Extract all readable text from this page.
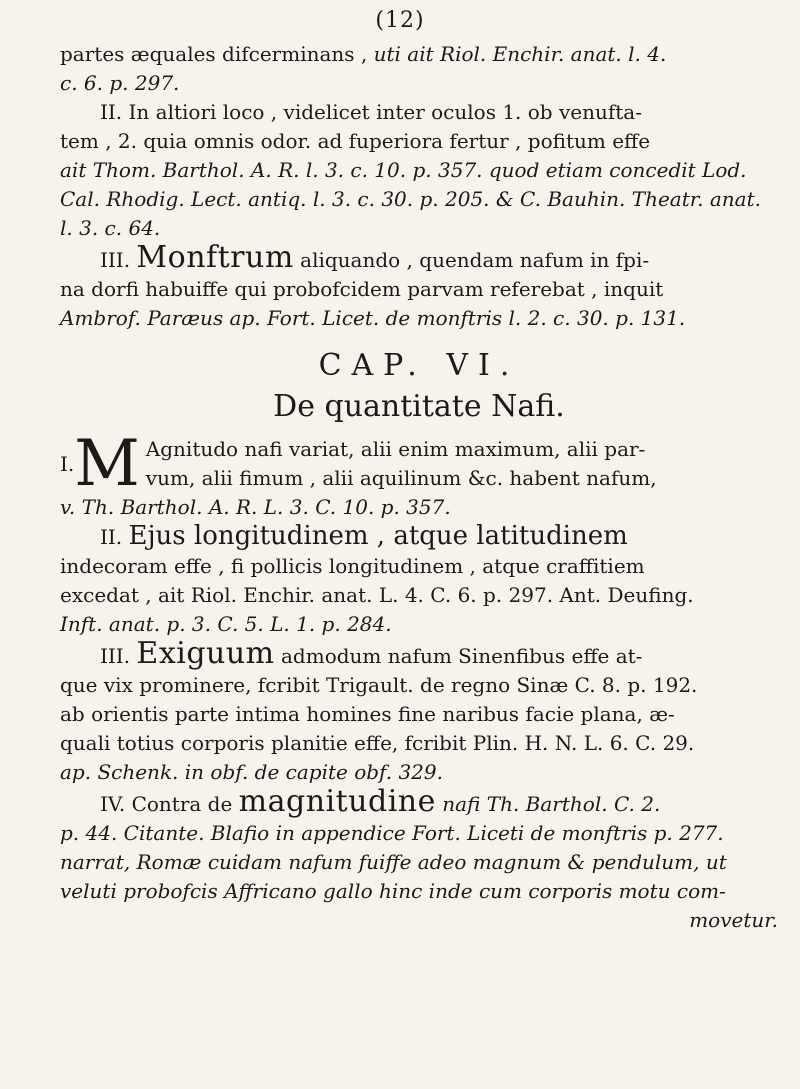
(12)

partes æquales difcerminans , uti ait Riol. Enchir. anat. l. 4.

c. 6. p. 297.

II. In altiori loco , videlicet inter oculos 1. ob venufta-

tem , 2. quia omnis odor. ad fuperiora fertur , pofitum effe

ait Thom. Barthol. A. R. l. 3. c. 10. p. 357. quod etiam concedit Lod.

Cal. Rhodig. Lect. antiq. l. 3. c. 30. p. 205. & C. Bauhin. Theatr. anat.

l. 3. c. 64.

III. Monftrum aliquando , quendam nafum in fpi-

na dorfi habuiffe qui probofcidem parvam referebat , inquit

Ambrof. Paræus ap. Fort. Licet. de monftris l. 2. c. 30. p. 131.

CAP. VI.
De quantitate Nafi.
$^{I.}$M Agnitudo nafi variat, alii enim maximum, alii par-

vum, alii fimum , alii aquilinum &c. habent nafum,

v. Th. Barthol. A. R. L. 3. C. 10. p. 357.

II. Ejus longitudinem , atque latitudinem

indecoram effe , fi pollicis longitudinem , atque craffitiem

excedat , ait Riol. Enchir. anat. L. 4. C. 6. p. 297. Ant. Deufing.

Inft. anat. p. 3. C. 5. L. 1. p. 284.

III. Exiguum admodum nafum Sinenfibus effe at-

que vix prominere, fcribit Trigault. de regno Sinæ C. 8. p. 192.

ab orientis parte intima homines fine naribus facie plana, æ-

quali totius corporis planitie effe, fcribit Plin. H. N. L. 6. C. 29.

ap. Schenk. in obf. de capite obf. 329.

IV. Contra de magnitudine nafi Th. Barthol. C. 2.

p. 44. Citante. Blafio in appendice Fort. Liceti de monftris p. 277.

narrat, Romæ cuidam nafum fuiffe adeo magnum & pendulum, ut

veluti probofcis Affricano gallo hinc inde cum corporis motu com-

movetur.
